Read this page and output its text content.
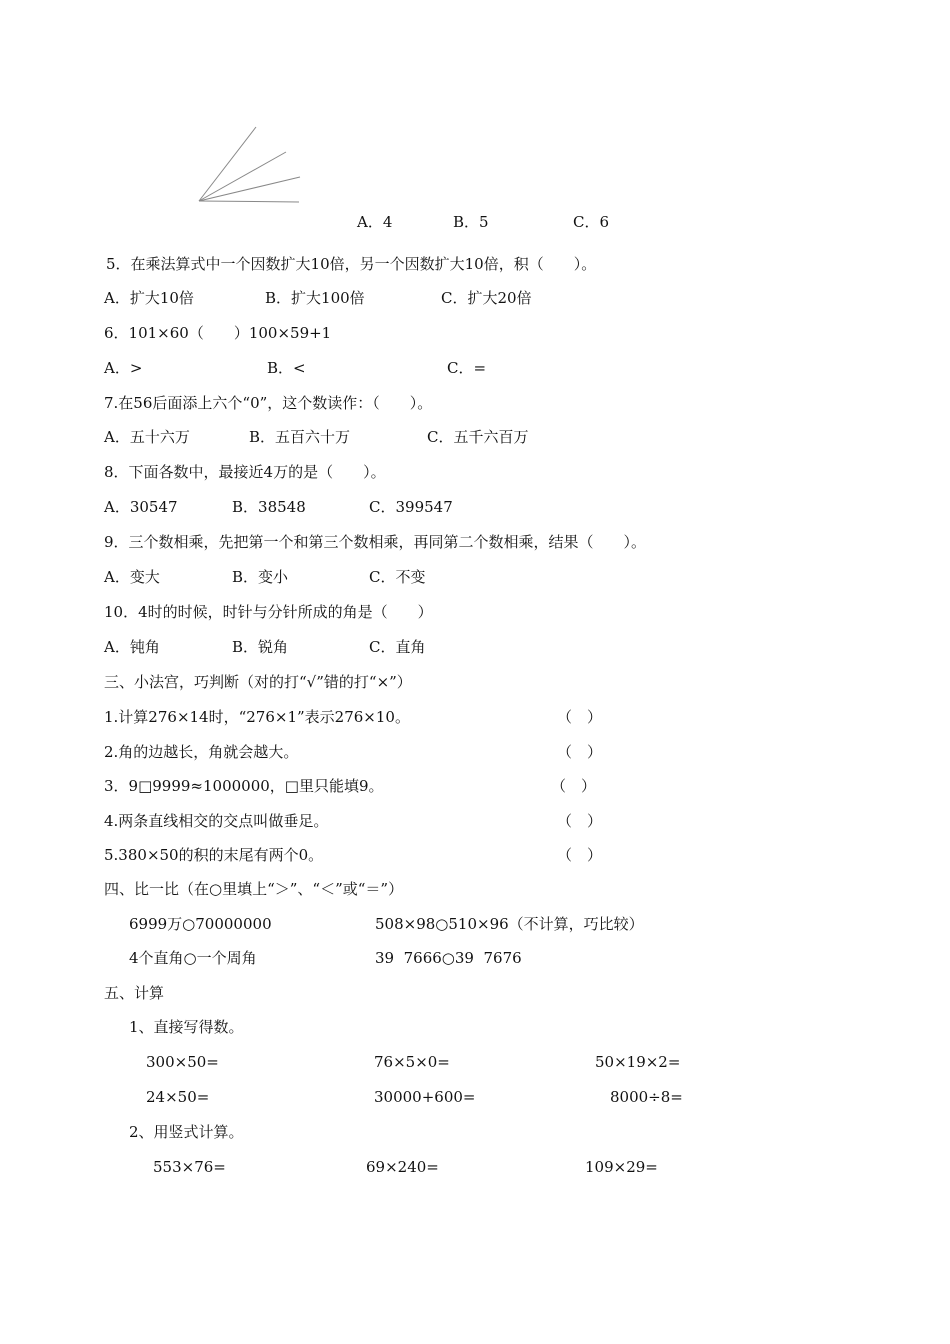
A．4	B．5	C．6
5．在乘法算式中一个因数扩大10倍，另一个因数扩大10倍，积（　　）。
A．扩大10倍	B．扩大100倍	C．扩大20倍
6．101×60（　　）100×59+1
A．>	B．<	C．=
7.在56后面添上六个“0”，这个数读作：（　　）。
A．五十六万	B．五百六十万	C．五千六百万
8．下面各数中，最接近4万的是（　　）。
A．30547	B．38548	C．399547
9．三个数相乘，先把第一个和第三个数相乘，再同第二个数相乘，结果（　　）。
A．变大	B．变小	C．不变
10．4时的时候，时针与分针所成的角是（　　）
A．钝角	B．锐角	C．直角
三、小法宫，巧判断（对的打“√”错的打“×”）
1.计算276×14时，“276×1”表示276×10。	（　）
2.角的边越长，角就会越大。	（　）
3．9□9999≈1000000，□里只能填9。	（　）
4.两条直线相交的交点叫做垂足。	（　）
5.380×50的积的末尾有两个0。	（　）
四、比一比（在○里填上“＞”、“＜”或“＝”）
6999万○70000000	508×98○510×96（不计算，巧比较）
4个直角○一个周角	39  7666○39  7676
五、计算
1、直接写得数。
300×50=	76×5×0=	50×19×2=
24×50=	30000+600=	8000÷8=
2、用竖式计算。
553×76=	69×240=	109×29=
